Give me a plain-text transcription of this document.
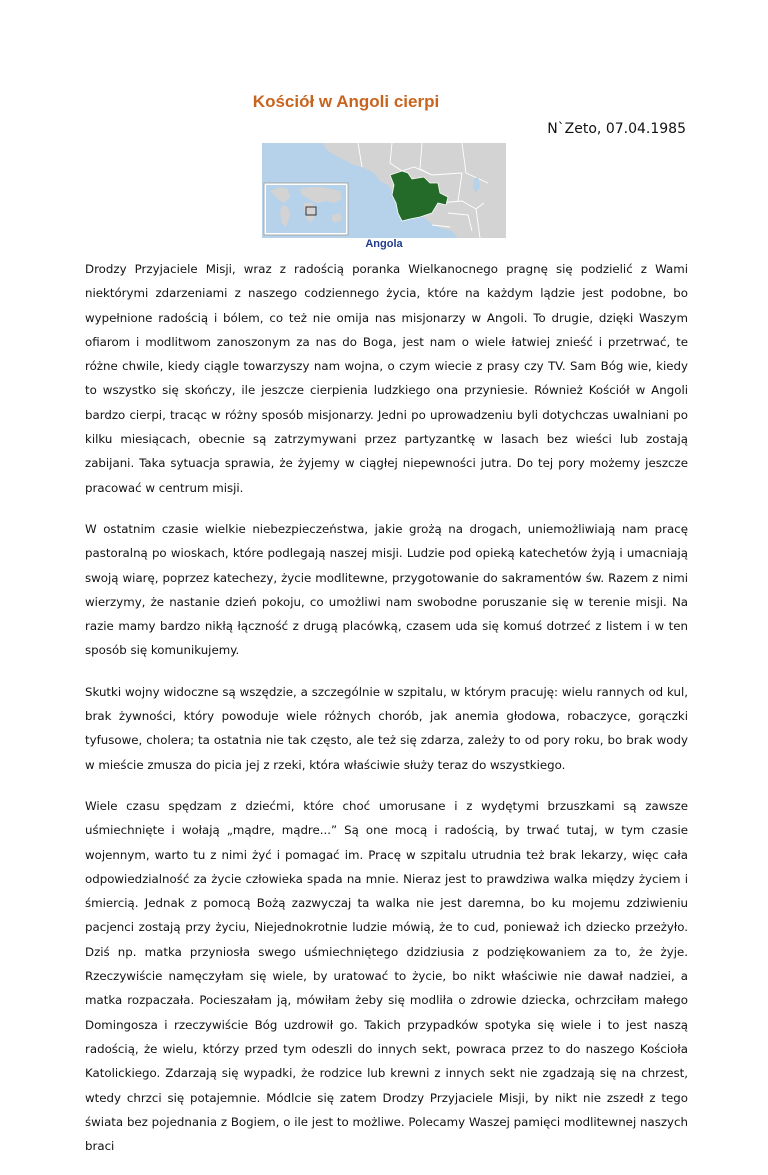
Kościół w Angoli cierpi

N`Zeto, 07.04.1985

Angola

Drodzy Przyjaciele Misji, wraz z radością poranka Wielkanocnego pragnę się podzielić z Wami niektórymi zdarzeniami z naszego codziennego życia, które na każdym lądzie jest podobne, bo wypełnione radością i bólem, co też nie omija nas misjonarzy w Angoli. To drugie, dzięki Waszym ofiarom i modlitwom zanoszonym za nas do Boga, jest nam o wiele łatwiej znieść i przetrwać, te różne chwile, kiedy ciągle towarzyszy nam wojna, o czym wiecie z prasy czy TV. Sam Bóg wie, kiedy to wszystko się skończy, ile jeszcze cierpienia ludzkiego ona przyniesie. Również Kościół w Angoli bardzo cierpi, tracąc w różny sposób misjonarzy. Jedni po uprowadzeniu byli dotychczas uwalniani po kilku miesiącach, obecnie są zatrzymywani przez partyzantkę w lasach bez wieści lub zostają zabijani. Taka sytuacja sprawia, że żyjemy w ciągłej niepewności jutra. Do tej pory możemy jeszcze pracować w centrum misji.

W ostatnim czasie wielkie niebezpieczeństwa, jakie grożą na drogach, uniemożliwiają nam pracę pastoralną po wioskach, które podlegają naszej misji. Ludzie pod opieką katechetów żyją i umacniają swoją wiarę, poprzez katechezy, życie modlitewne, przygotowanie do sakramentów św. Razem z nimi wierzymy, że nastanie dzień pokoju, co umożliwi nam swobodne poruszanie się w terenie misji. Na razie mamy bardzo nikłą łączność z drugą placówką, czasem uda się komuś dotrzeć z listem i w ten sposób się komunikujemy.

Skutki wojny widoczne są wszędzie, a szczególnie w szpitalu, w którym pracuję: wielu rannych od kul, brak żywności, który powoduje wiele różnych chorób, jak anemia głodowa, robaczyce, gorączki tyfusowe, cholera; ta ostatnia nie tak często, ale też się zdarza, zależy to od pory roku, bo brak wody w mieście zmusza do picia jej z rzeki, która właściwie służy teraz do wszystkiego.

Wiele czasu spędzam z dziećmi, które choć umorusane i z wydętymi brzuszkami są zawsze uśmiechnięte i wołają „mądre, mądre...” Są one mocą i radością, by trwać tutaj, w tym czasie wojennym, warto tu z nimi żyć i pomagać im. Pracę w szpitalu utrudnia też brak lekarzy, więc cała odpowiedzialność za życie człowieka spada na mnie. Nieraz jest to prawdziwa walka między życiem i śmiercią. Jednak z pomocą Bożą zazwyczaj ta walka nie jest daremna, bo ku mojemu zdziwieniu pacjenci zostają przy życiu, Niejednokrotnie ludzie mówią, że to cud, ponieważ ich dziecko przeżyło. Dziś np. matka przyniosła swego uśmiechniętego dzidziusia z podziękowaniem za to, że żyje. Rzeczywiście namęczyłam się wiele, by uratować to życie, bo nikt właściwie nie dawał nadziei, a matka rozpaczała. Pocieszałam ją, mówiłam żeby się modliła o zdrowie dziecka, ochrzciłam małego Domingosza i rzeczywiście Bóg uzdrowił go. Takich przypadków spotyka się wiele i to jest naszą radością, że wielu, którzy przed tym odeszli do innych sekt, powraca przez to do naszego Kościoła Katolickiego. Zdarzają się wypadki, że rodzice lub krewni z innych sekt nie zgadzają się na chrzest, wtedy chrzci się potajemnie. Módlcie się zatem Drodzy Przyjaciele Misji, by nikt nie zszedł z tego świata bez pojednania z Bogiem, o ile jest to możliwe. Polecamy Waszej pamięci modlitewnej naszych braci
